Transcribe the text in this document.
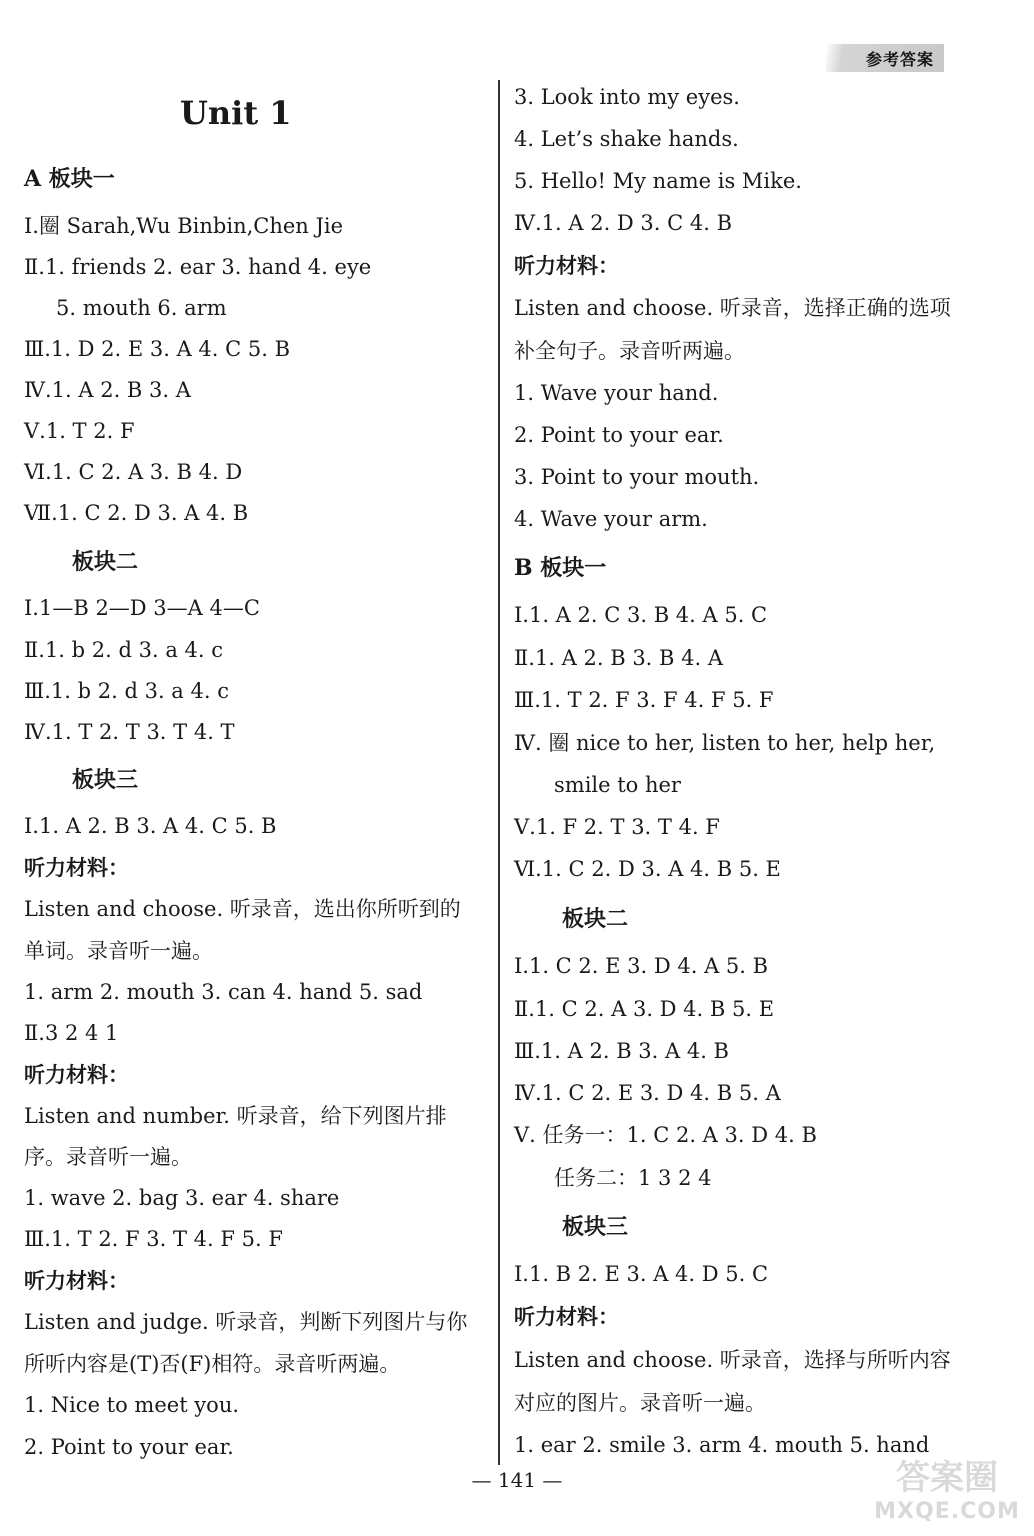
参考答案
Unit 1
A 板块一
Ⅰ.圈 Sarah,Wu Binbin,Chen Jie
Ⅱ.1. friends 2. ear 3. hand 4. eye
5. mouth 6. arm
Ⅲ.1. D 2. E 3. A 4. C 5. B
Ⅳ.1. A 2. B 3. A
Ⅴ.1. T 2. F
Ⅵ.1. C 2. A 3. B 4. D
Ⅶ.1. C 2. D 3. A 4. B
板块二
Ⅰ.1—B 2—D 3—A 4—C
Ⅱ.1. b 2. d 3. a 4. c
Ⅲ.1. b 2. d 3. a 4. c
Ⅳ.1. T 2. T 3. T 4. T
板块三
Ⅰ.1. A 2. B 3. A 4. C 5. B
听力材料：
Listen and choose. 听录音，选出你所听到的
单词。录音听一遍。
1. arm 2. mouth 3. can 4. hand 5. sad
Ⅱ.3 2 4 1
听力材料：
Listen and number. 听录音，给下列图片排
序。录音听一遍。
1. wave 2. bag 3. ear 4. share
Ⅲ.1. T 2. F 3. T 4. F 5. F
听力材料：
Listen and judge. 听录音，判断下列图片与你
所听内容是(T)否(F)相符。录音听两遍。
1. Nice to meet you.
2. Point to your ear.
3. Look into my eyes.
4. Let’s shake hands.
5. Hello! My name is Mike.
Ⅳ.1. A 2. D 3. C 4. B
听力材料：
Listen and choose. 听录音，选择正确的选项
补全句子。录音听两遍。
1. Wave your hand.
2. Point to your ear.
3. Point to your mouth.
4. Wave your arm.
B 板块一
Ⅰ.1. A 2. C 3. B 4. A 5. C
Ⅱ.1. A 2. B 3. B 4. A
Ⅲ.1. T 2. F 3. F 4. F 5. F
Ⅳ. 圈 nice to her, listen to her, help her,
smile to her
Ⅴ.1. F 2. T 3. T 4. F
Ⅵ.1. C 2. D 3. A 4. B 5. E
板块二
Ⅰ.1. C 2. E 3. D 4. A 5. B
Ⅱ.1. C 2. A 3. D 4. B 5. E
Ⅲ.1. A 2. B 3. A 4. B
Ⅳ.1. C 2. E 3. D 4. B 5. A
Ⅴ. 任务一：1. C 2. A 3. D 4. B
任务二：1 3 2 4
板块三
Ⅰ.1. B 2. E 3. A 4. D 5. C
听力材料：
Listen and choose. 听录音，选择与所听内容
对应的图片。录音听一遍。
1. ear 2. smile 3. arm 4. mouth 5. hand
— 141 —	答案圈
MXQE.COM
